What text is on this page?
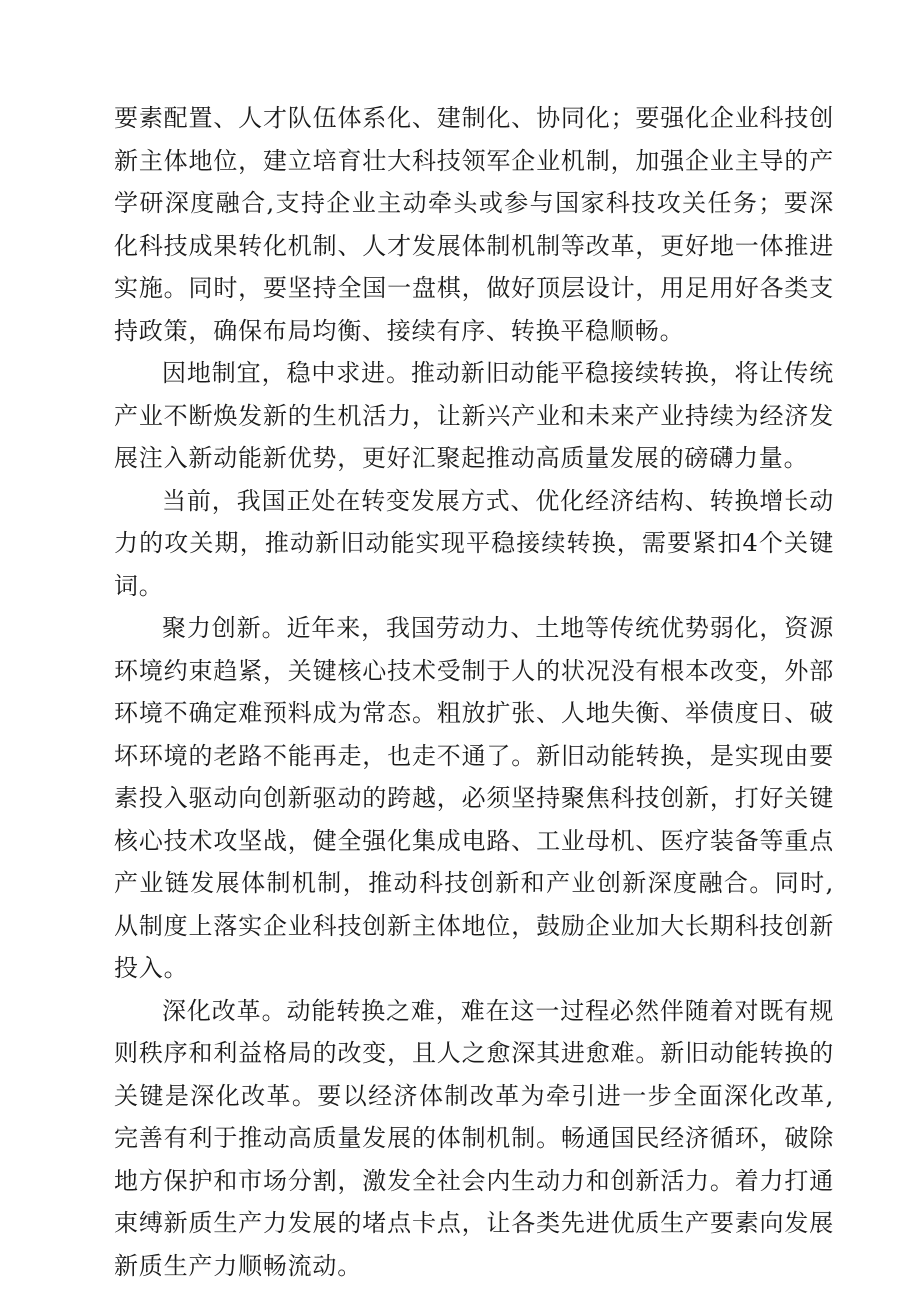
要素配置、人才队伍体系化、建制化、协同化；要强化企业科技创新主体地位，建立培育壮大科技领军企业机制，加强企业主导的产学研深度融合,支持企业主动牵头或参与国家科技攻关任务；要深化科技成果转化机制、人才发展体制机制等改革，更好地一体推进实施。同时，要坚持全国一盘棋，做好顶层设计，用足用好各类支持政策，确保布局均衡、接续有序、转换平稳顺畅。

因地制宜，稳中求进。推动新旧动能平稳接续转换，将让传统产业不断焕发新的生机活力，让新兴产业和未来产业持续为经济发展注入新动能新优势，更好汇聚起推动高质量发展的磅礴力量。

当前，我国正处在转变发展方式、优化经济结构、转换增长动力的攻关期，推动新旧动能实现平稳接续转换，需要紧扣4个关键词。

聚力创新。近年来，我国劳动力、土地等传统优势弱化，资源环境约束趋紧，关键核心技术受制于人的状况没有根本改变，外部环境不确定难预料成为常态。粗放扩张、人地失衡、举债度日、破坏环境的老路不能再走，也走不通了。新旧动能转换，是实现由要素投入驱动向创新驱动的跨越，必须坚持聚焦科技创新，打好关键核心技术攻坚战，健全强化集成电路、工业母机、医疗装备等重点产业链发展体制机制，推动科技创新和产业创新深度融合。同时,从制度上落实企业科技创新主体地位，鼓励企业加大长期科技创新投入。

深化改革。动能转换之难，难在这一过程必然伴随着对既有规则秩序和利益格局的改变，且人之愈深其进愈难。新旧动能转换的关键是深化改革。要以经济体制改革为牵引进一步全面深化改革,完善有利于推动高质量发展的体制机制。畅通国民经济循环，破除地方保护和市场分割，激发全社会内生动力和创新活力。着力打通束缚新质生产力发展的堵点卡点，让各类先进优质生产要素向发展新质生产力顺畅流动。
